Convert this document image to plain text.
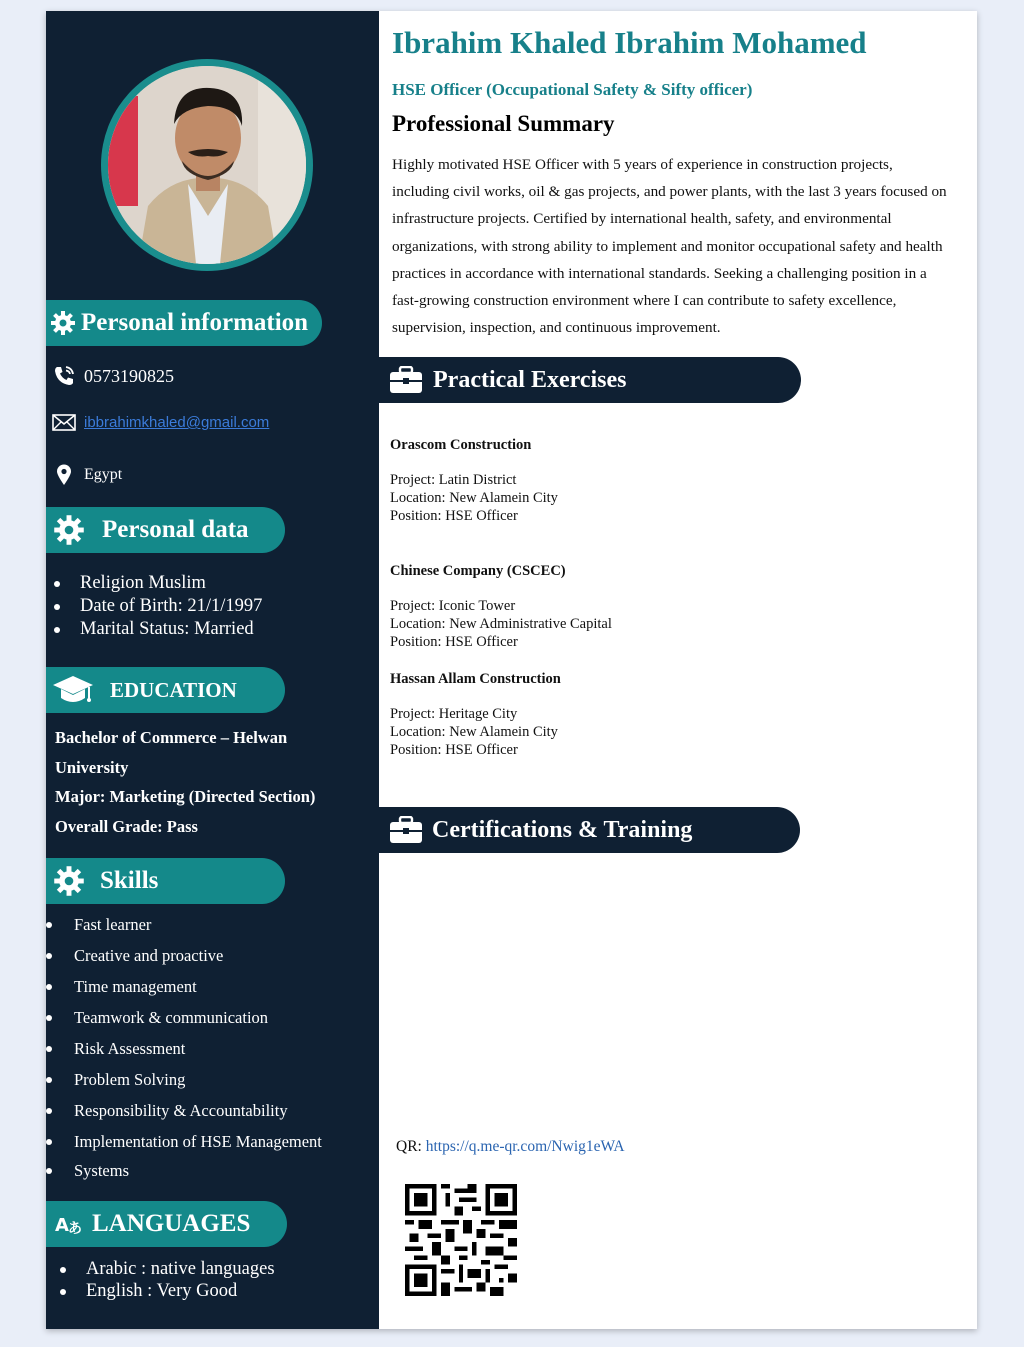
Personal information
0573190825
ibbrahimkhaled@gmail.com
Egypt
Personal data
Religion Muslim
Date of Birth: 21/1/1997
Marital Status: Married
EDUCATION
Bachelor of Commerce – Helwan
University
Major: Marketing (Directed Section)
Overall Grade: Pass
Skills
Fast learner
Creative and proactive
Time management
Teamwork & communication
Risk Assessment
Problem Solving
Responsibility & Accountability
Implementation of HSE Management
Systems
A あ LANGUAGES
Arabic : native languages
English : Very Good
Ibrahim Khaled Ibrahim Mohamed
HSE Officer (Occupational Safety & Sifty officer)
Professional Summary
Highly motivated HSE Officer with 5 years of experience in construction projects,
including civil works, oil & gas projects, and power plants, with the last 3 years focused on
infrastructure projects. Certified by international health, safety, and environmental
organizations, with strong ability to implement and monitor occupational safety and health
practices in accordance with international standards. Seeking a challenging position in a
fast-growing construction environment where I can contribute to safety excellence,
supervision, inspection, and continuous improvement.
Practical Exercises
Orascom Construction
Project: Latin District
Location: New Alamein City
Position: HSE Officer
Chinese Company (CSCEC)
Project: Iconic Tower
Location: New Administrative Capital
Position: HSE Officer
Hassan Allam Construction
Project: Heritage City
Location: New Alamein City
Position: HSE Officer
Certifications & Training
OSHA – 30 Hours Construction Safety (American Academy)
IOSH – Managing Safely (UK)
Environmental Health & Safety Academy:
Lifting & Rigging Operations
Certified Scaffolding Competent Person
Scaffolding Inspection & Examination
Occupational Safety & Health Institute:
Fire Fighting & Emergency Evacuation Plans
First Aid Course – Egyptian Red Crescent Certified
QR: https://q.me-qr.com/Nwig1eWA
